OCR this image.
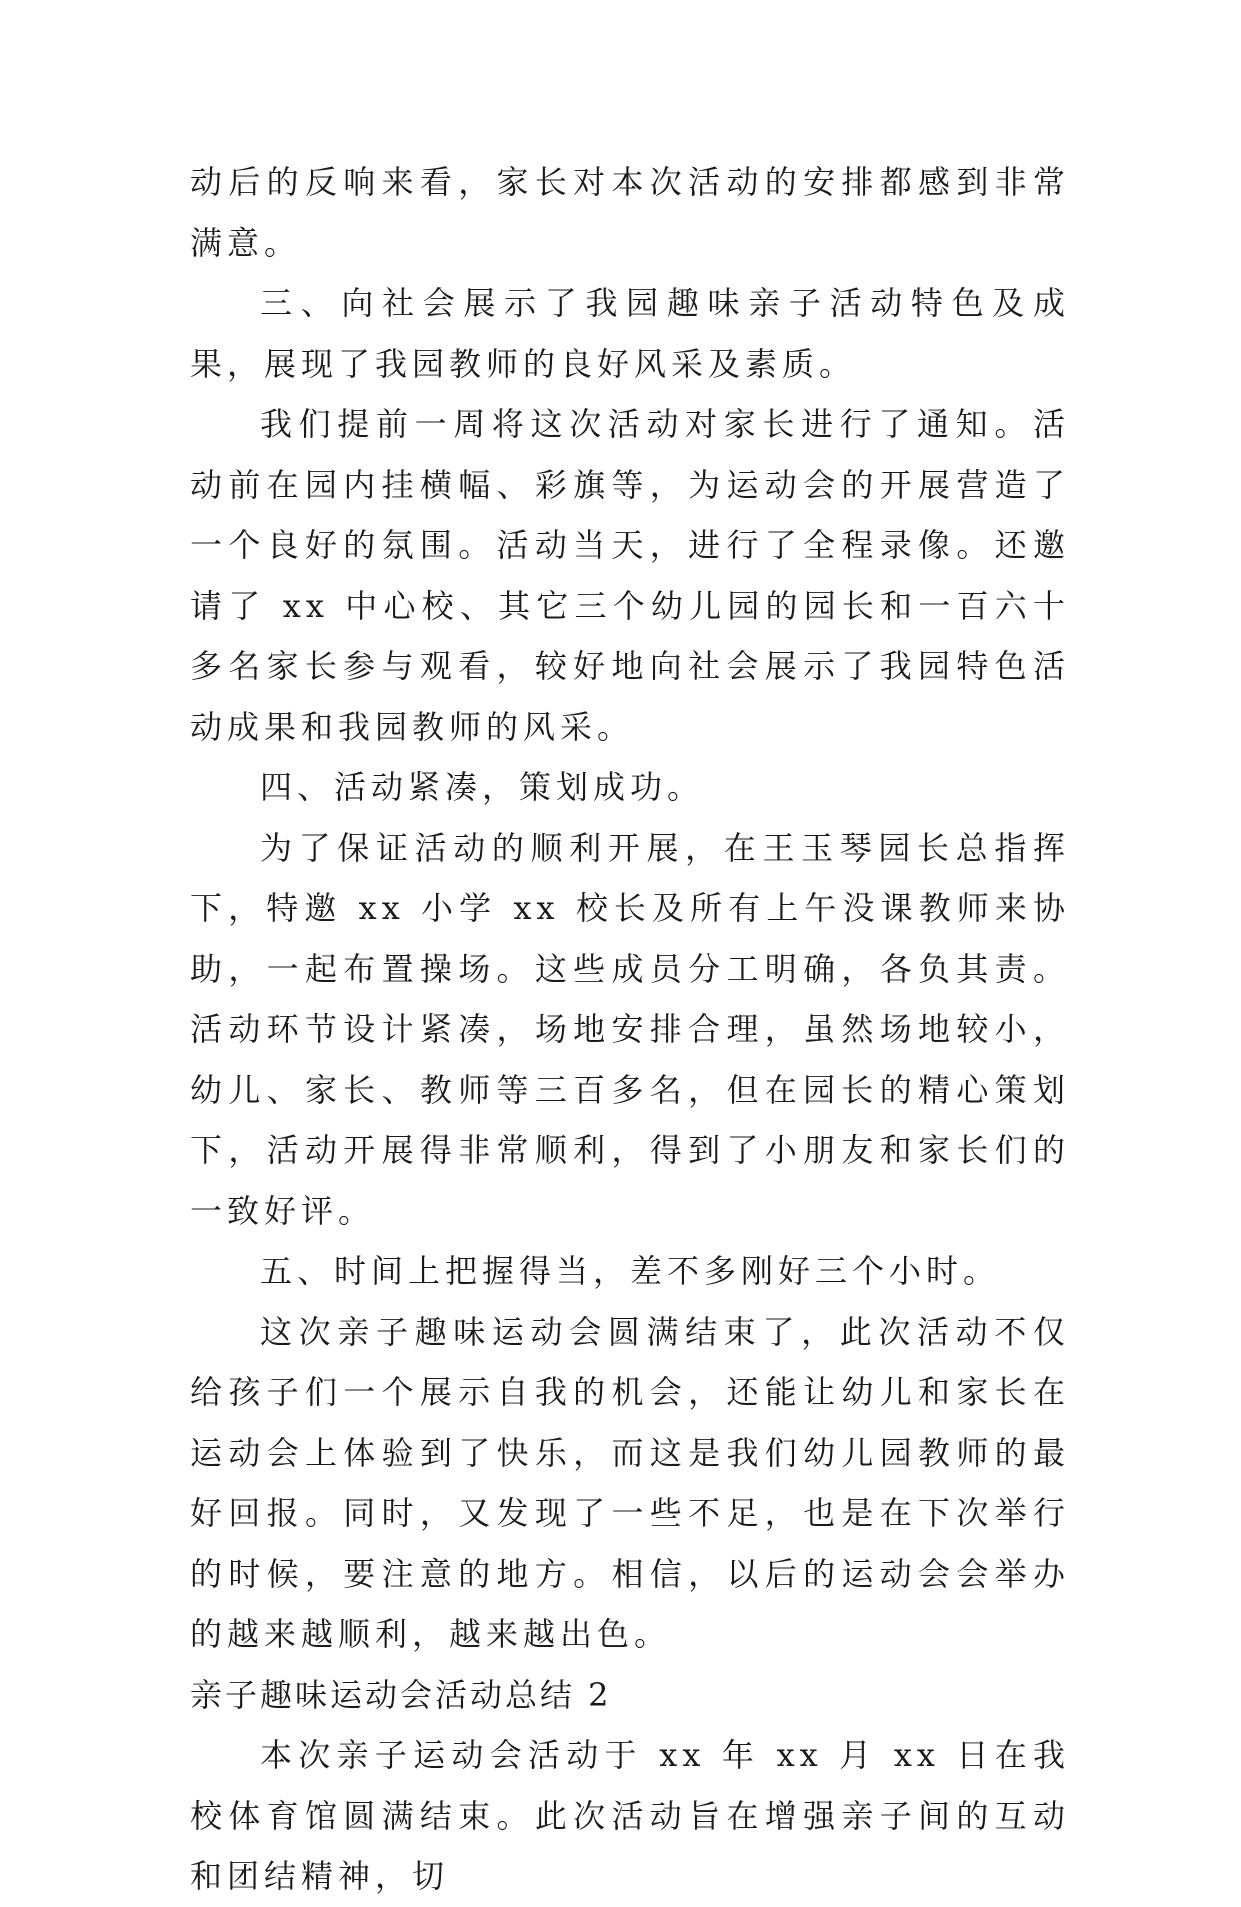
动后的反响来看，家长对本次活动的安排都感到非常满意。

三、向社会展示了我园趣味亲子活动特色及成果，展现了我园教师的良好风采及素质。

我们提前一周将这次活动对家长进行了通知。活动前在园内挂横幅、彩旗等，为运动会的开展营造了一个良好的氛围。活动当天，进行了全程录像。还邀请了 xx 中心校、其它三个幼儿园的园长和一百六十多名家长参与观看，较好地向社会展示了我园特色活动成果和我园教师的风采。

四、活动紧凑，策划成功。

为了保证活动的顺利开展，在王玉琴园长总指挥下，特邀 xx 小学 xx 校长及所有上午没课教师来协助，一起布置操场。这些成员分工明确，各负其责。活动环节设计紧凑，场地安排合理，虽然场地较小，幼儿、家长、教师等三百多名，但在园长的精心策划下，活动开展得非常顺利，得到了小朋友和家长们的一致好评。

五、时间上把握得当，差不多刚好三个小时。

这次亲子趣味运动会圆满结束了，此次活动不仅给孩子们一个展示自我的机会，还能让幼儿和家长在运动会上体验到了快乐，而这是我们幼儿园教师的最好回报。同时，又发现了一些不足，也是在下次举行的时候，要注意的地方。相信，以后的运动会会举办的越来越顺利，越来越出色。

亲子趣味运动会活动总结 2

本次亲子运动会活动于 xx 年 xx 月 xx 日在我校体育馆圆满结束。此次活动旨在增强亲子间的互动和团结精神，切
